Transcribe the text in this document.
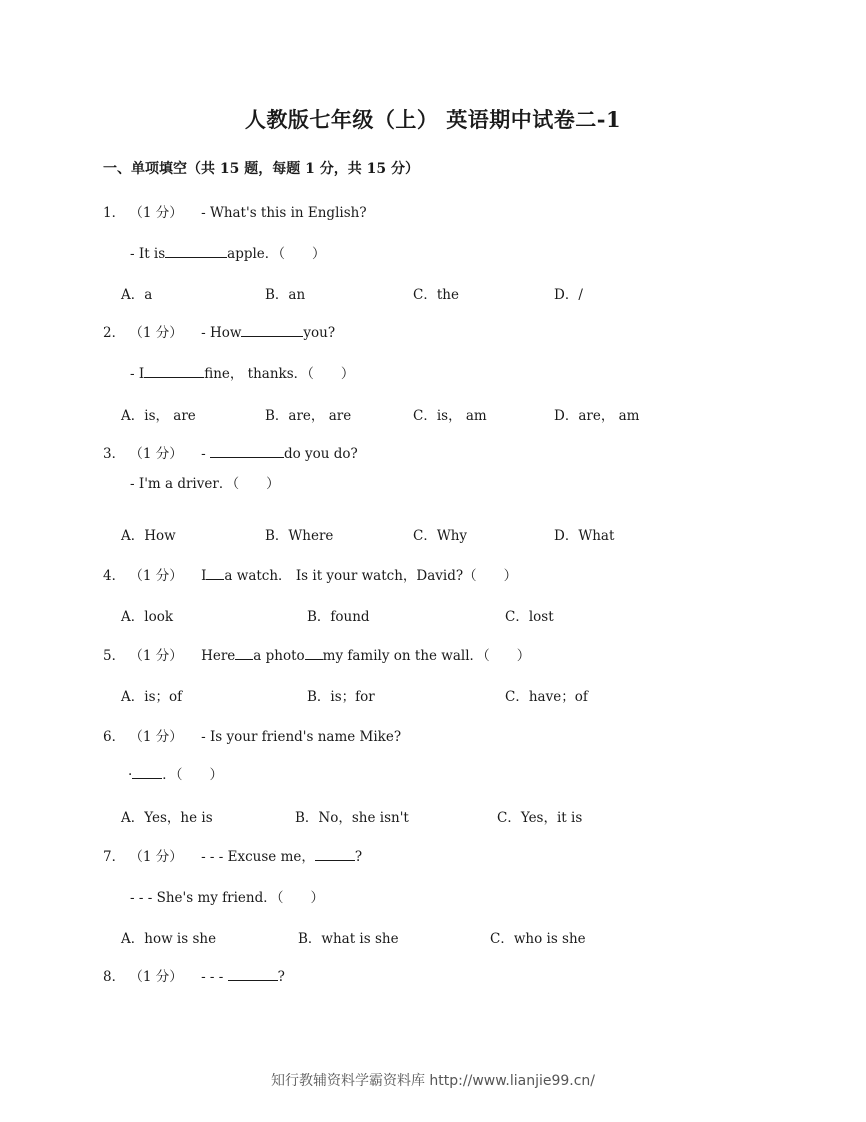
人教版七年级（上） 英语期中试卷二-1
一、单项填空（共 15 题，每题 1 分，共 15 分）
1． （1 分） - What's this in English?
- It is	apple．（　　）
A．a	B．an	C．the	D．/
2． （1 分） - How	you?
- I	fine， thanks．（　　）
A．is， are	B．are， are	C．is， am	D．are， am
3． （1 分） -	do you do?
- I'm a driver．（　　）
A．How	B．Where	C．Why	D．What
4． （1 分） I a watch． Is it your watch，David?（　　）
A．look	B．found	C．lost
5． （1 分） Here a photo my family on the wall．（　　）
A．is；of	B．is；for	C．have；of
6． （1 分） - Is your friend's name Mike?
· ．（　　）
A．Yes，he is	B．No，she isn't	C．Yes，it is
7． （1 分） - - - Excuse me，	?
- - - She's my friend．（　　）
A．how is she	B．what is she	C．who is she
8． （1 分） - - -	?
知行教辅资料学霸资料库 http://www.lianjie99.cn/
